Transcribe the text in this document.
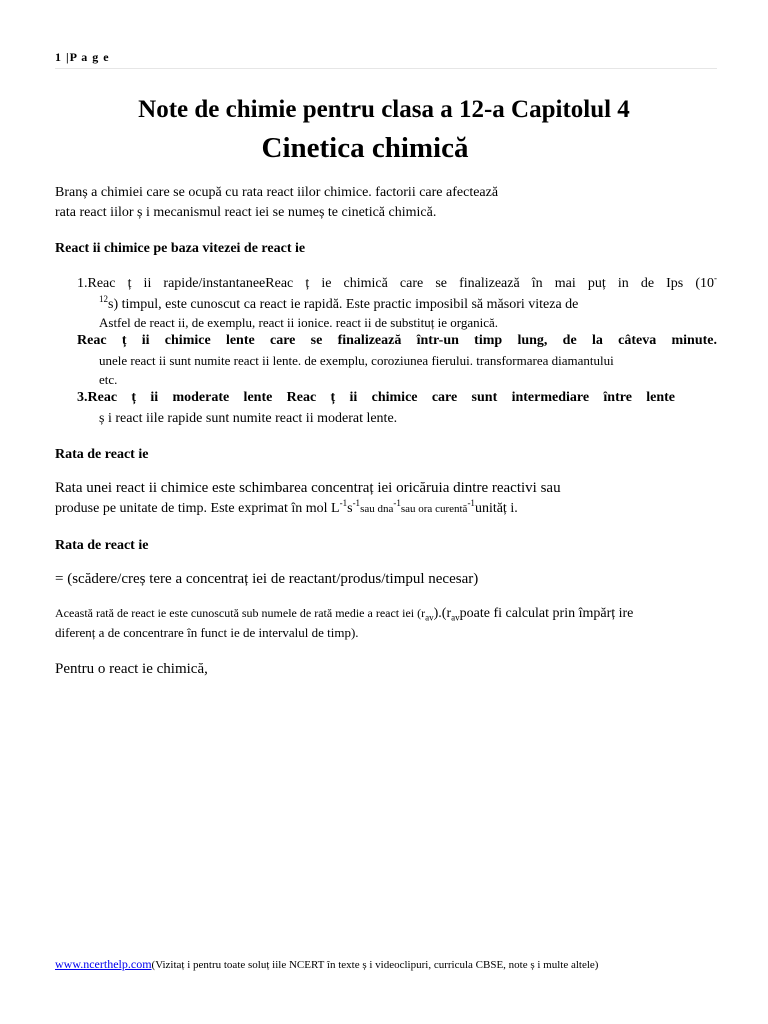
1 |P a g e
Note de chimie pentru clasa a 12-a Capitolul 4
Cinetica chimică
Branș a chimiei care se ocupă cu rata react iilor chimice. factorii care afectează
rata react iilor ș i mecanismul react iei se numeș te cinetică chimică.
React ii chimice pe baza vitezei de react ie
1.Reac ț ii rapide/instantaneeReac ț ie chimică care se finalizează în mai puț in de Ips (10-
$^{12}$s) timpul, este cunoscut ca react ie rapidă. Este practic imposibil să măsori viteza de
Astfel de react ii, de exemplu, react ii ionice. react ii de substituț ie organică.
Reac ț ii chimice lente care se finalizează într-un timp lung, de la câteva minute.
unele react ii sunt numite react ii lente. de exemplu, coroziunea fierului. transformarea diamantului
etc.
3.Reac ț ii moderate lente Reac ț ii chimice care sunt intermediare între lente
ș i react iile rapide sunt numite react ii moderat lente.
Rata de react ie
Rata unei react ii chimice este schimbarea concentraț iei oricăruia dintre reactivi sau
produse pe unitate de timp. Este exprimat în mol $L^{-1}s^{-1}sau$ dna$^{-1}$sau ora curentă$^{-1}$unităț i.
Rata de react ie
= (scădere/creș tere a concentraț iei de reactant/produs/timpul necesar)
Această rată de react ie este cunoscută sub numele de rată medie a react iei $(r_{av}).(r_{av}poate$ fi calculat prin împărț ire
diferenț a de concentrare în funct ie de intervalul de timp).
Pentru o react ie chimică,
www.ncerthelp.com(Vizitaț i pentru toate soluț iile NCERT în texte ș i videoclipuri, curricula CBSE, note ș i multe altele)
